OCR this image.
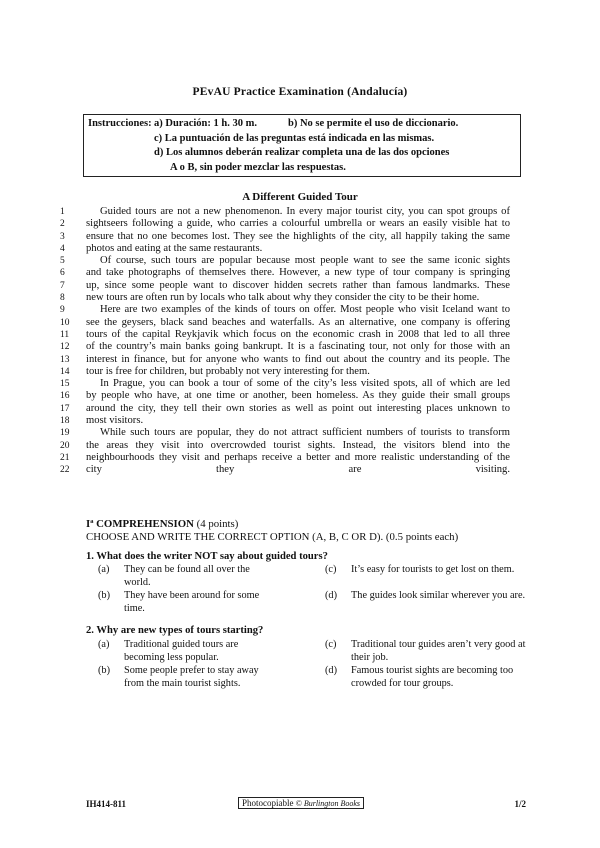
PEvAU Practice Examination (Andalucía)
Instrucciones: a) Duración: 1 h. 30 m.	b) No se permite el uso de diccionario.
c) La puntuación de las preguntas está indicada en las mismas.
d) Los alumnos deberán realizar completa una de las dos opciones
A o B, sin poder mezclar las respuestas.
A Different Guided Tour
1	Guided tours are not a new phenomenon. In every major tourist city, you can spot groups of
2	sightseers following a guide, who carries a colourful umbrella or wears an easily visible hat to
3	ensure that no one becomes lost. They see the highlights of the city, all happily taking the same
4	photos and eating at the same restaurants.
5	Of course, such tours are popular because most people want to see the same iconic sights
6	and take photographs of themselves there. However, a new type of tour company is springing
7	up, since some people want to discover hidden secrets rather than famous landmarks. These
8	new tours are often run by locals who talk about why they consider the city to be their home.
9	Here are two examples of the kinds of tours on offer. Most people who visit Iceland want to
10	see the geysers, black sand beaches and waterfalls. As an alternative, one company is offering
11	tours of the capital Reykjavik which focus on the economic crash in 2008 that led to all three
12	of the country’s main banks going bankrupt. It is a fascinating tour, not only for those with an
13	interest in finance, but for anyone who wants to find out about the country and its people. The
14	tour is free for children, but probably not very interesting for them.
15	In Prague, you can book a tour of some of the city’s less visited spots, all of which are led
16	by people who have, at one time or another, been homeless. As they guide their small groups
17	around the city, they tell their own stories as well as point out interesting places unknown to
18	most visitors.
19	While such tours are popular, they do not attract sufficient numbers of tourists to transform
20	the areas they visit into overcrowded tourist sights. Instead, the visitors blend into the
21	neighbourhoods they visit and perhaps receive a better and more realistic understanding of the
22	city they are visiting.
Iª COMPREHENSION (4 points)
CHOOSE AND WRITE THE CORRECT OPTION (A, B, C OR D). (0.5 points each)
1. What does the writer NOT say about guided tours?
(a) They can be found all over the world.
(b) They have been around for some time.
(c) It’s easy for tourists to get lost on them.
(d) The guides look similar wherever you are.
2. Why are new types of tours starting?
(a) Traditional guided tours are becoming less popular.
(b) Some people prefer to stay away from the main tourist sights.
(c) Traditional tour guides aren’t very good at their job.
(d) Famous tourist sights are becoming too crowded for tour groups.
IH414-811	Photocopiable © Burlington Books	1/2
